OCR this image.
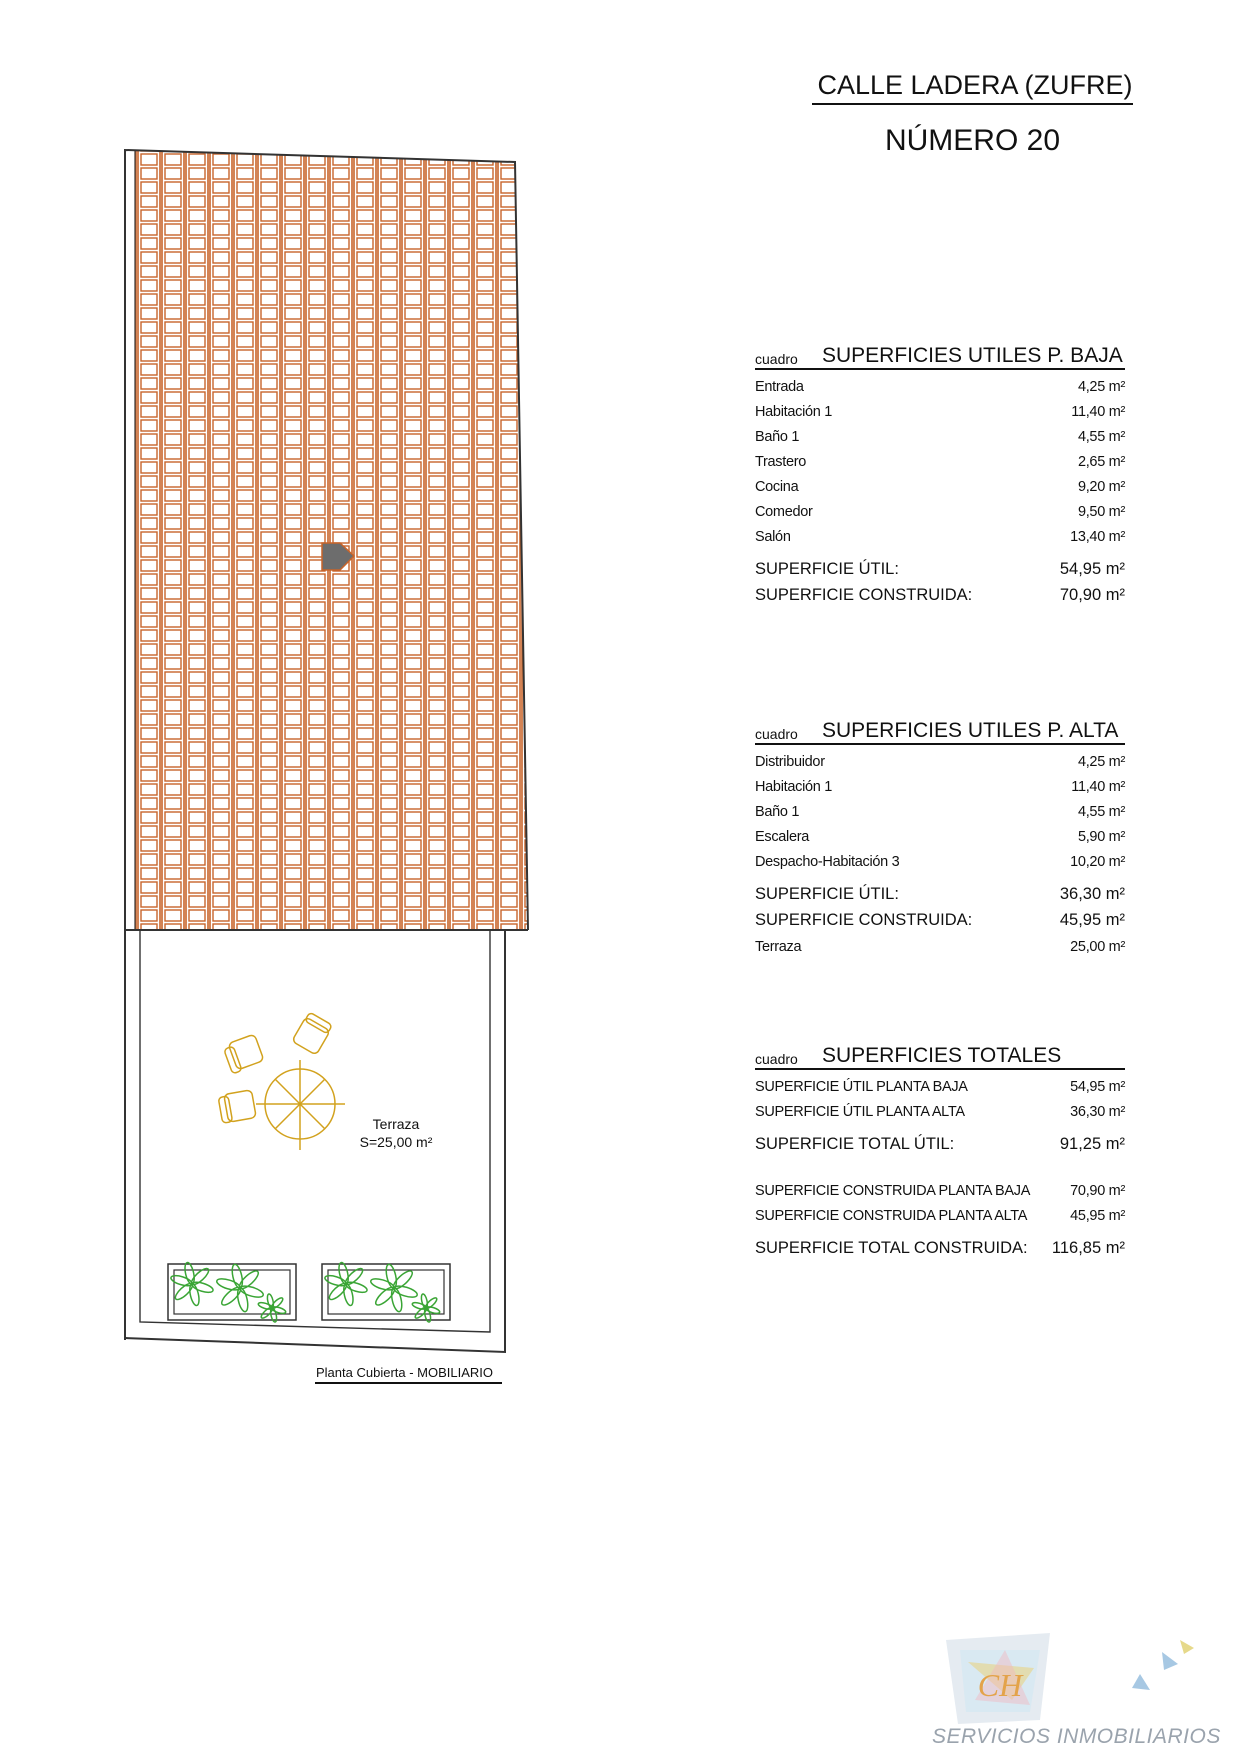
CH
CALLE LADERA (ZUFRE)
NÚMERO 20
cuadro SUPERFICIES UTILES P. BAJA
Entrada	4,25 m²
Habitación 1	11,40 m²
Baño 1	4,55 m²
Trastero	2,65 m²
Cocina	9,20 m²
Comedor	9,50 m²
Salón	13,40 m²
SUPERFICIE ÚTIL:	54,95 m²
SUPERFICIE CONSTRUIDA:	70,90 m²
cuadro SUPERFICIES UTILES P. ALTA
Distribuidor	4,25 m²
Habitación 1	11,40 m²
Baño 1	4,55 m²
Escalera	5,90 m²
Despacho-Habitación 3	10,20 m²
SUPERFICIE ÚTIL:	36,30 m²
SUPERFICIE CONSTRUIDA:	45,95 m²
Terraza	25,00 m²
cuadro SUPERFICIES TOTALES
SUPERFICIE ÚTIL PLANTA BAJA	54,95 m²
SUPERFICIE ÚTIL PLANTA ALTA	36,30 m²
SUPERFICIE TOTAL ÚTIL:	91,25 m²
SUPERFICIE CONSTRUIDA PLANTA BAJA	70,90 m²
SUPERFICIE CONSTRUIDA PLANTA ALTA	45,95 m²
SUPERFICIE TOTAL CONSTRUIDA: 116,85 m²
Terraza
S=25,00 m²
Planta Cubierta - MOBILIARIO
SERVICIOS INMOBILIARIOS
